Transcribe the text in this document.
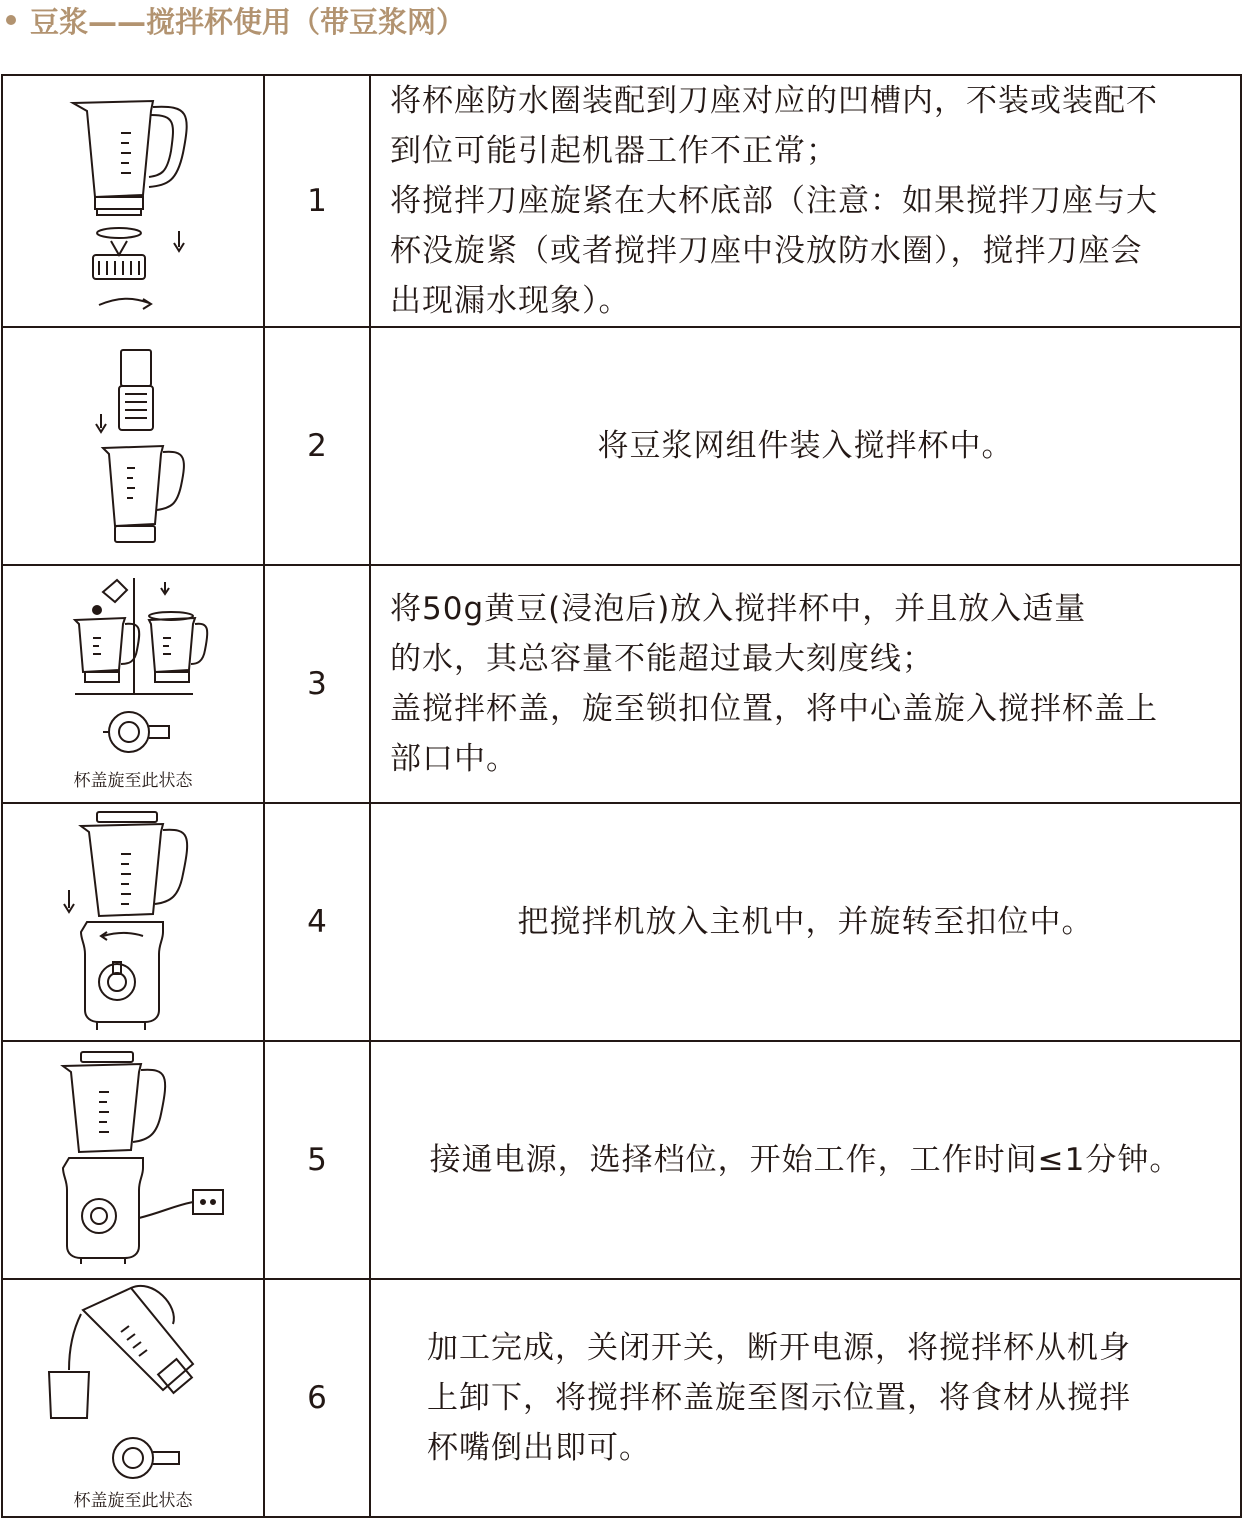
豆浆——搅拌杯使用（带豆浆网）
	1	将杯座防水圈装配到刀座对应的凹槽内，不装或装配不
到位可能引起机器工作不正常；
将搅拌刀座旋紧在大杯底部（注意：如果搅拌刀座与大
杯没旋紧（或者搅拌刀座中没放防水圈），搅拌刀座会
出现漏水现象）。

	2	将豆浆网组件装入搅拌杯中。

杯盖旋至此状态	3	将50g黄豆(浸泡后)放入搅拌杯中，并且放入适量
的水，其总容量不能超过最大刻度线；
盖搅拌杯盖，旋至锁扣位置，将中心盖旋入搅拌杯盖上
部口中。

	4	把搅拌机放入主机中，并旋转至扣位中。

	5	接通电源，选择档位，开始工作，工作时间≤1分钟。

杯盖旋至此状态	6	加工完成，关闭开关，断开电源，将搅拌杯从机身
上卸下，将搅拌杯盖旋至图示位置，将食材从搅拌
杯嘴倒出即可。
